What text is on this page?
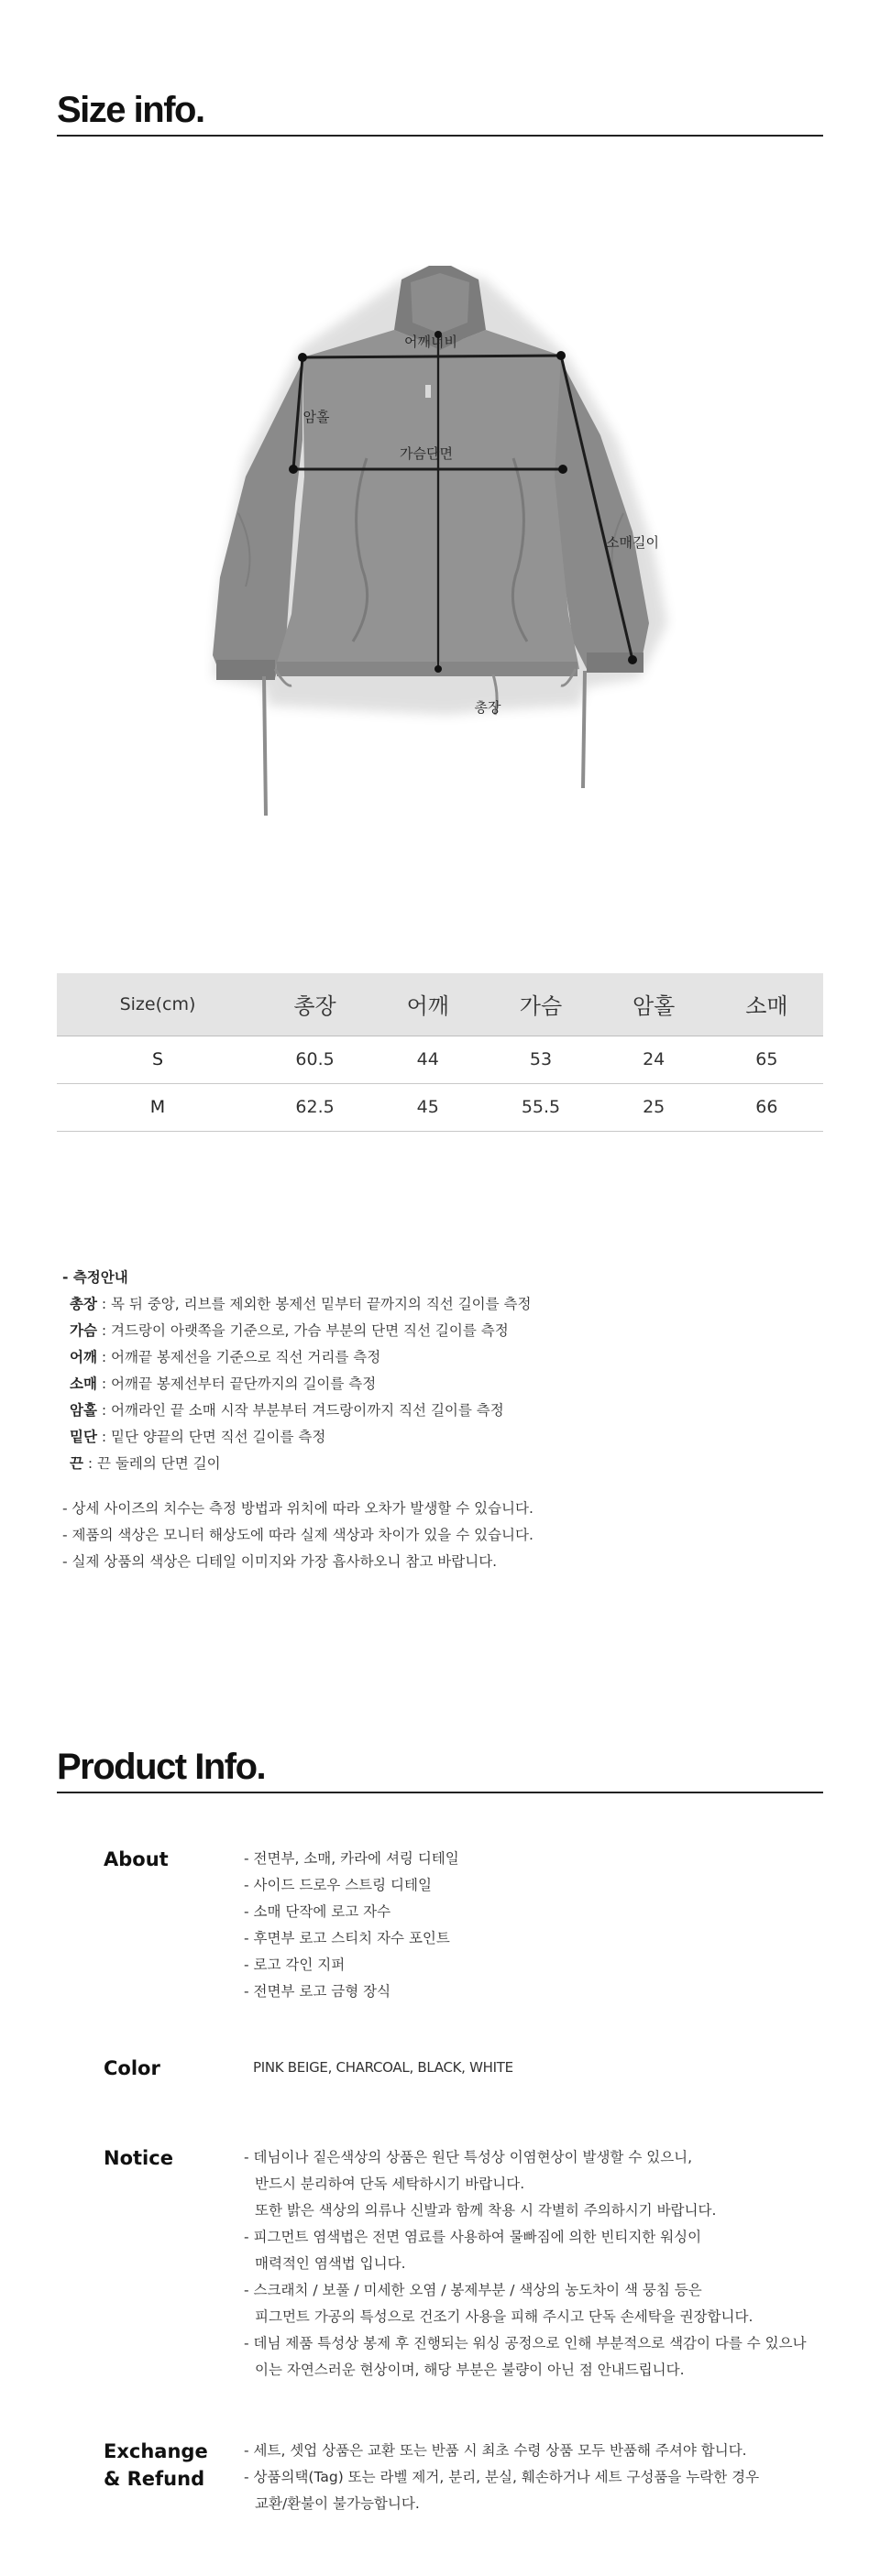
Size info.
어깨너비
암홀
가슴단면
소매길이
총장
Size(cm)	총장	어깨	가슴	암홀	소매
S	60.5	44	53	24	65
M	62.5	45	55.5	25	66
- 측정안내
총장 : 목 뒤 중앙, 리브를 제외한 봉제선 밑부터 끝까지의 직선 길이를 측정
가슴 : 겨드랑이 아랫쪽을 기준으로, 가슴 부분의 단면 직선 길이를 측정
어깨 : 어깨끝 봉제선을 기준으로 직선 거리를 측정
소매 : 어깨끝 봉제선부터 끝단까지의 길이를 측정
암홀 : 어깨라인 끝 소매 시작 부분부터 겨드랑이까지 직선 길이를 측정
밑단 : 밑단 양끝의 단면 직선 길이를 측정
끈 : 끈 둘레의 단면 길이
- 상세 사이즈의 치수는 측정 방법과 위치에 따라 오차가 발생할 수 있습니다.
- 제품의 색상은 모니터 해상도에 따라 실제 색상과 차이가 있을 수 있습니다.
- 실제 상품의 색상은 디테일 이미지와 가장 흡사하오니 참고 바랍니다.
Product Info.
About	- 전면부, 소매, 카라에 셔링 디테일
- 사이드 드로우 스트링 디테일
- 소매 단작에 로고 자수
- 후면부 로고 스티치 자수 포인트
- 로고 각인 지퍼
- 전면부 로고 금형 장식
Color	PINK BEIGE, CHARCOAL, BLACK, WHITE
Notice	- 데님이나 짙은색상의 상품은 원단 특성상 이염현상이 발생할 수 있으니,
반드시 분리하여 단독 세탁하시기 바랍니다.
또한 밝은 색상의 의류나 신발과 함께 착용 시 각별히 주의하시기 바랍니다.
- 피그먼트 염색법은 전면 염료를 사용하여 물빠짐에 의한 빈티지한 워싱이
매력적인 염색법 입니다.
- 스크래치 / 보풀 / 미세한 오염 / 봉제부분 / 색상의 농도차이 색 뭉침 등은
피그먼트 가공의 특성으로 건조기 사용을 피해 주시고 단독 손세탁을 권장합니다.
- 데님 제품 특성상 봉제 후 진행되는 워싱 공정으로 인해 부분적으로 색감이 다를 수 있으나
이는 자연스러운 현상이며, 해당 부분은 불량이 아닌 점 안내드립니다.
Exchange
& Refund
- 세트, 셋업 상품은 교환 또는 반품 시 최초 수령 상품 모두 반품해 주셔야 합니다.
- 상품의택(Tag) 또는 라벨 제거, 분리, 분실, 훼손하거나 세트 구성품을 누락한 경우
교환/환불이 불가능합니다.
